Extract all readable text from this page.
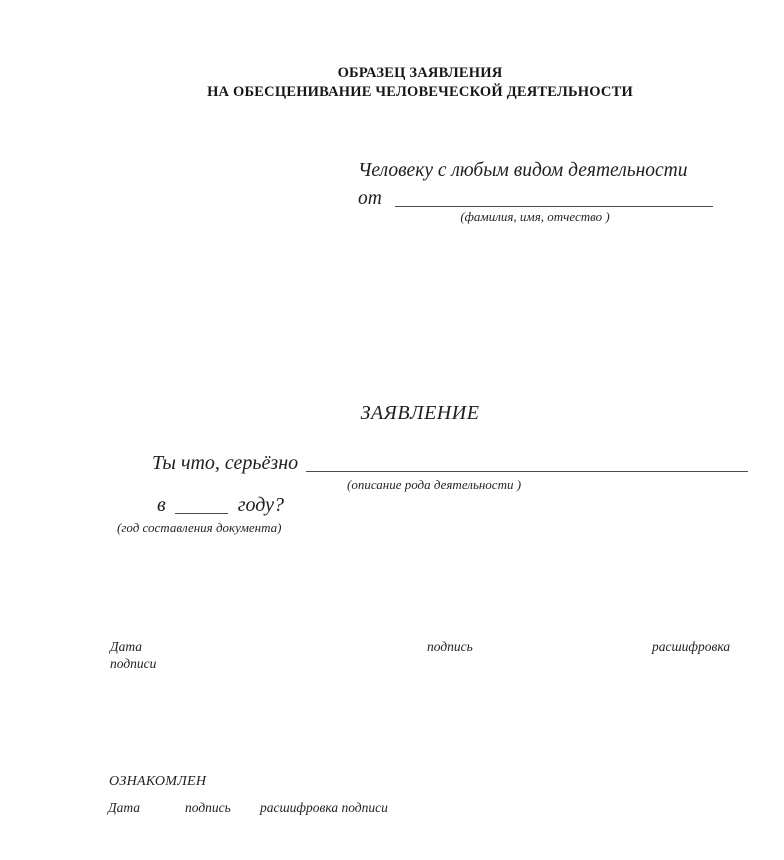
ОБРАЗЕЦ ЗАЯВЛЕНИЯ
НА ОБЕСЦЕНИВАНИЕ ЧЕЛОВЕЧЕСКОЙ ДЕЯТЕЛЬНОСТИ
Человеку с любым видом деятельности
от
(фамилия, имя, отчество )
ЗАЯВЛЕНИЕ
Ты что, серьёзно
(описание рода деятельности )
в	году?
(год составления документа)
Дата	подпись	расшифровка
подписи
ОЗНАКОМЛЕН
Дата	подпись расшифровка подписи
